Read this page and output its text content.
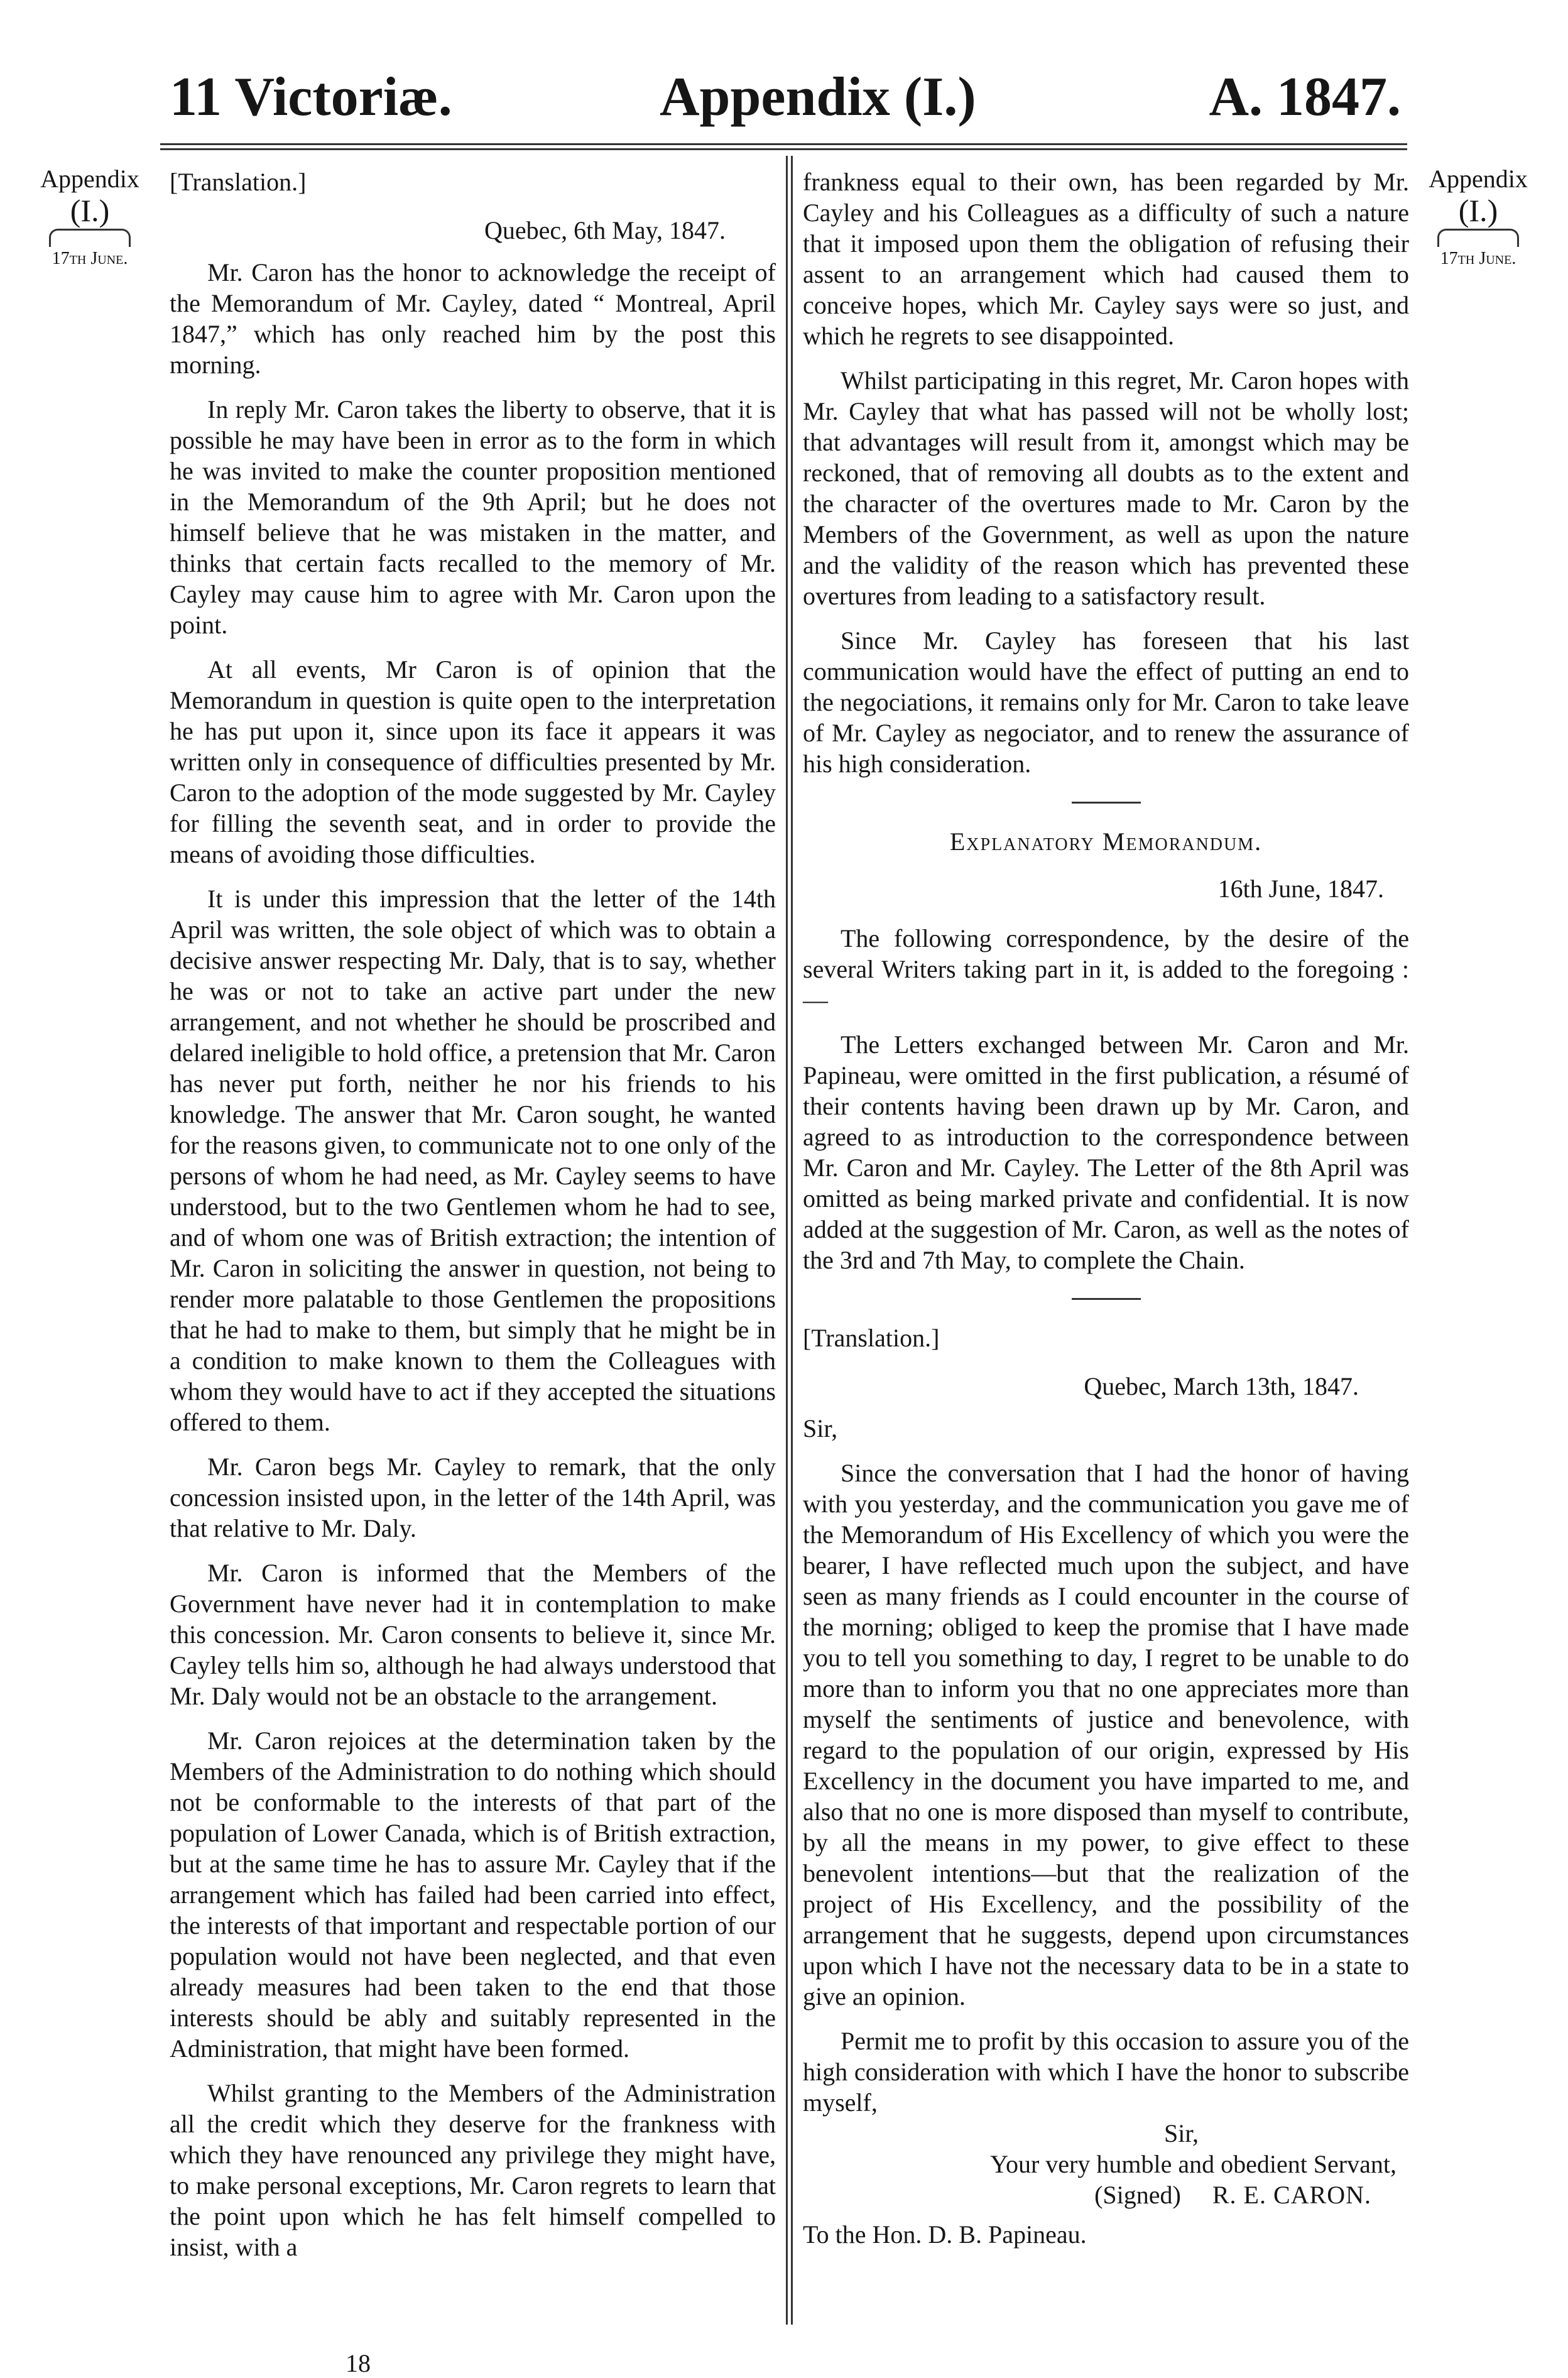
11 Victoriæ.	Appendix (I.)	A. 1847.
Appendix
(I.)
17th June.
Appendix
(I.)
17th June.

[Translation.]

Quebec, 6th May, 1847.

Mr. Caron has the honor to acknowledge the receipt of the Memorandum of Mr. Cayley, dated “ Montreal, April 1847,” which has only reached him by the post this morning.

In reply Mr. Caron takes the liberty to observe, that it is possible he may have been in error as to the form in which he was invited to make the counter proposition mentioned in the Memorandum of the 9th April; but he does not himself believe that he was mistaken in the matter, and thinks that certain facts recalled to the memory of Mr. Cayley may cause him to agree with Mr. Caron upon the point.

At all events, Mr Caron is of opinion that the Memorandum in question is quite open to the interpretation he has put upon it, since upon its face it appears it was written only in consequence of difficulties presented by Mr. Caron to the adoption of the mode suggested by Mr. Cayley for filling the seventh seat, and in order to provide the means of avoiding those difficulties.

It is under this impression that the letter of the 14th April was written, the sole object of which was to obtain a decisive answer respecting Mr. Daly, that is to say, whether he was or not to take an active part under the new arrangement, and not whether he should be proscribed and delared ineligible to hold office, a pretension that Mr. Caron has never put forth, neither he nor his friends to his knowledge. The answer that Mr. Caron sought, he wanted for the reasons given, to communicate not to one only of the persons of whom he had need, as Mr. Cayley seems to have understood, but to the two Gentlemen whom he had to see, and of whom one was of British extraction; the intention of Mr. Caron in soliciting the answer in question, not being to render more palatable to those Gentlemen the propositions that he had to make to them, but simply that he might be in a condition to make known to them the Colleagues with whom they would have to act if they accepted the situations offered to them.

Mr. Caron begs Mr. Cayley to remark, that the only concession insisted upon, in the letter of the 14th April, was that relative to Mr. Daly.

Mr. Caron is informed that the Members of the Government have never had it in contemplation to make this concession. Mr. Caron consents to believe it, since Mr. Cayley tells him so, although he had always understood that Mr. Daly would not be an obstacle to the arrangement.

Mr. Caron rejoices at the determination taken by the Members of the Administration to do nothing which should not be conformable to the interests of that part of the population of Lower Canada, which is of British extraction, but at the same time he has to assure Mr. Cayley that if the arrangement which has failed had been carried into effect, the interests of that important and respectable portion of our population would not have been neglected, and that even already measures had been taken to the end that those interests should be ably and suitably represented in the Administration, that might have been formed.

Whilst granting to the Members of the Administration all the credit which they deserve for the frankness with which they have renounced any privilege they might have, to make personal exceptions, Mr. Caron regrets to learn that the point upon which he has felt himself compelled to insist, with a

18

frankness equal to their own, has been regarded by Mr. Cayley and his Colleagues as a difficulty of such a nature that it imposed upon them the obligation of refusing their assent to an arrangement which had caused them to conceive hopes, which Mr. Cayley says were so just, and which he regrets to see disappointed.

Whilst participating in this regret, Mr. Caron hopes with Mr. Cayley that what has passed will not be wholly lost; that advantages will result from it, amongst which may be reckoned, that of removing all doubts as to the extent and the character of the overtures made to Mr. Caron by the Members of the Government, as well as upon the nature and the validity of the reason which has prevented these overtures from leading to a satisfactory result.

Since Mr. Cayley has foreseen that his last communication would have the effect of putting an end to the negociations, it remains only for Mr. Caron to take leave of Mr. Cayley as negociator, and to renew the assurance of his high consideration.

Explanatory Memorandum.
16th June, 1847.

The following correspondence, by the desire of the several Writers taking part in it, is added to the foregoing :—

The Letters exchanged between Mr. Caron and Mr. Papineau, were omitted in the first publication, a résumé of their contents having been drawn up by Mr. Caron, and agreed to as introduction to the correspondence between Mr. Caron and Mr. Cayley. The Letter of the 8th April was omitted as being marked private and confidential. It is now added at the suggestion of Mr. Caron, as well as the notes of the 3rd and 7th May, to complete the Chain.

[Translation.]

Quebec, March 13th, 1847.

Sir,

Since the conversation that I had the honor of having with you yesterday, and the communication you gave me of the Memorandum of His Excellency of which you were the bearer, I have reflected much upon the subject, and have seen as many friends as I could encounter in the course of the morning; obliged to keep the promise that I have made you to tell you something to day, I regret to be unable to do more than to inform you that no one appreciates more than myself the sentiments of justice and benevolence, with regard to the population of our origin, expressed by His Excellency in the document you have imparted to me, and also that no one is more disposed than myself to contribute, by all the means in my power, to give effect to these benevolent intentions—but that the realization of the project of His Excellency, and the possibility of the arrangement that he suggests, depend upon circumstances upon which I have not the necessary data to be in a state to give an opinion.

Permit me to profit by this occasion to assure you of the high consideration with which I have the honor to subscribe myself,

Sir,
Your very humble and obedient Servant,
(Signed) R. E. CARON.

To the Hon. D. B. Papineau.
